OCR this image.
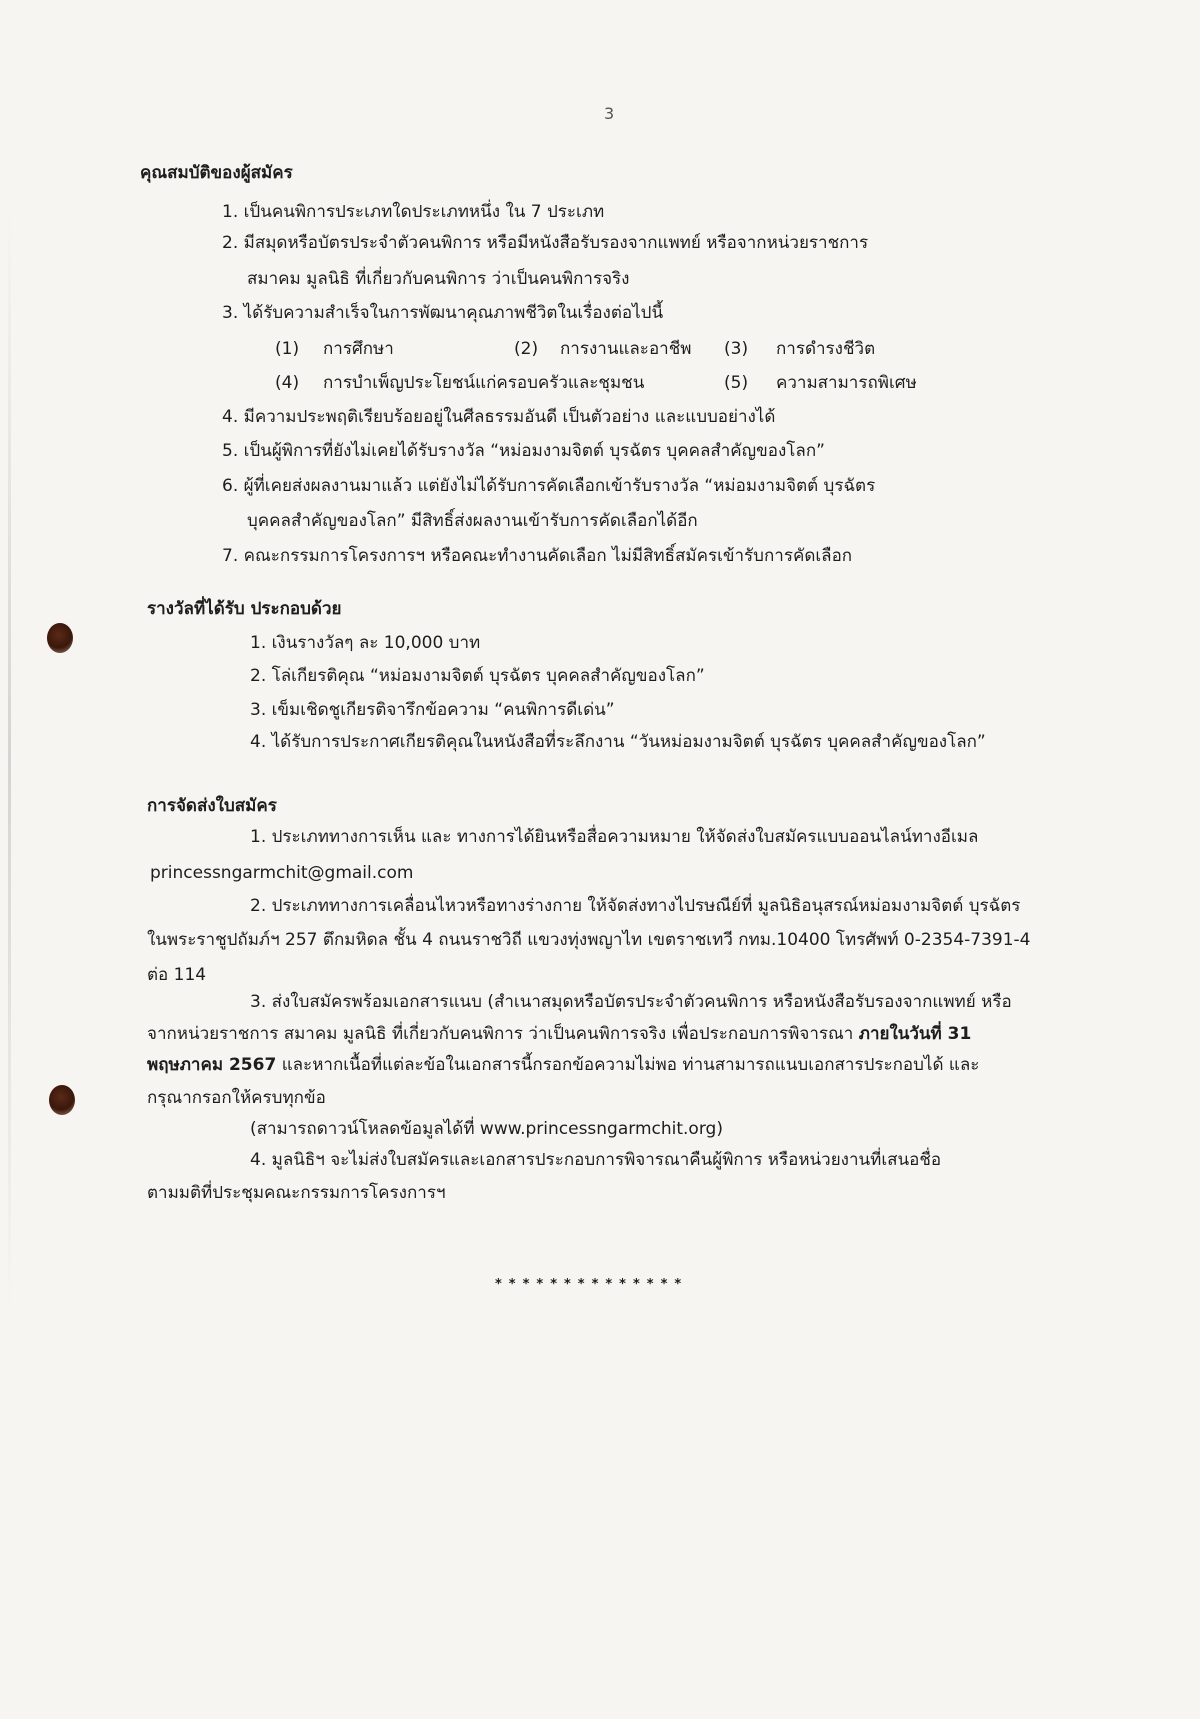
3
คุณสมบัติของผู้สมัคร
1. เป็นคนพิการประเภทใดประเภทหนึ่ง ใน 7 ประเภท
2. มีสมุดหรือบัตรประจำตัวคนพิการ หรือมีหนังสือรับรองจากแพทย์ หรือจากหน่วยราชการ
สมาคม มูลนิธิ ที่เกี่ยวกับคนพิการ ว่าเป็นคนพิการจริง
3. ได้รับความสำเร็จในการพัฒนาคุณภาพชีวิตในเรื่องต่อไปนี้
(1) การศึกษา	(2) การงานและอาชีพ (3) การดำรงชีวิต
(4) การบำเพ็ญประโยชน์แก่ครอบครัวและชุมชน	(5) ความสามารถพิเศษ
4. มีความประพฤติเรียบร้อยอยู่ในศีลธรรมอันดี เป็นตัวอย่าง และแบบอย่างได้
5. เป็นผู้พิการที่ยังไม่เคยได้รับรางวัล “หม่อมงามจิตต์ บุรฉัตร บุคคลสำคัญของโลก”
6. ผู้ที่เคยส่งผลงานมาแล้ว แต่ยังไม่ได้รับการคัดเลือกเข้ารับรางวัล “หม่อมงามจิตต์ บุรฉัตร
บุคคลสำคัญของโลก” มีสิทธิ์ส่งผลงานเข้ารับการคัดเลือกได้อีก
7. คณะกรรมการโครงการฯ หรือคณะทำงานคัดเลือก ไม่มีสิทธิ์สมัครเข้ารับการคัดเลือก
รางวัลที่ได้รับ ประกอบด้วย
1. เงินรางวัลๆ ละ 10,000 บาท
2. โล่เกียรติคุณ “หม่อมงามจิตต์ บุรฉัตร บุคคลสำคัญของโลก”
3. เข็มเชิดชูเกียรติจารึกข้อความ “คนพิการดีเด่น”
4. ได้รับการประกาศเกียรติคุณในหนังสือที่ระลึกงาน “วันหม่อมงามจิตต์ บุรฉัตร บุคคลสำคัญของโลก”
การจัดส่งใบสมัคร
1. ประเภททางการเห็น และ ทางการได้ยินหรือสื่อความหมาย ให้จัดส่งใบสมัครแบบออนไลน์ทางอีเมล
princessngarmchit@gmail.com
2. ประเภททางการเคลื่อนไหวหรือทางร่างกาย ให้จัดส่งทางไปรษณีย์ที่ มูลนิธิอนุสรณ์หม่อมงามจิตต์ บุรฉัตร
ในพระราชูปถัมภ์ฯ 257 ตึกมหิดล ชั้น 4 ถนนราชวิถี แขวงทุ่งพญาไท เขตราชเทวี กทม.10400 โทรศัพท์ 0-2354-7391-4
ต่อ 114
3. ส่งใบสมัครพร้อมเอกสารแนบ (สำเนาสมุดหรือบัตรประจำตัวคนพิการ หรือหนังสือรับรองจากแพทย์ หรือ
จากหน่วยราชการ สมาคม มูลนิธิ ที่เกี่ยวกับคนพิการ ว่าเป็นคนพิการจริง เพื่อประกอบการพิจารณา ภายในวันที่ 31
พฤษภาคม 2567 และหากเนื้อที่แต่ละข้อในเอกสารนี้กรอกข้อความไม่พอ ท่านสามารถแนบเอกสารประกอบได้ และ
กรุณากรอกให้ครบทุกข้อ
(สามารถดาวน์โหลดข้อมูลได้ที่ www.princessngarmchit.org)
4. มูลนิธิฯ จะไม่ส่งใบสมัครและเอกสารประกอบการพิจารณาคืนผู้พิการ หรือหน่วยงานที่เสนอชื่อ
ตามมติที่ประชุมคณะกรรมการโครงการฯ
**************
